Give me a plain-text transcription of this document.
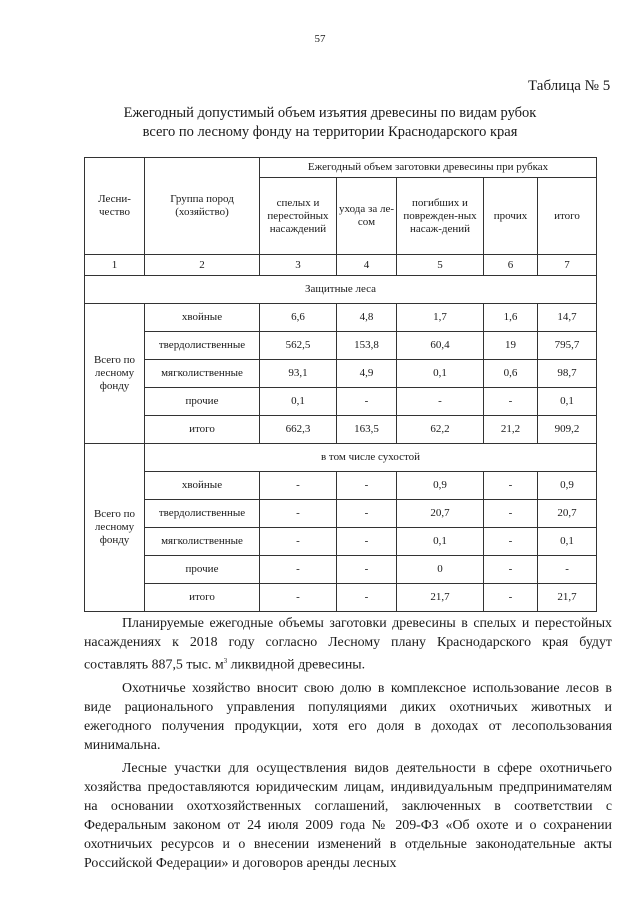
57
Таблица № 5
Ежегодный допустимый объем изъятия древесины по видам рубок
всего по лесному фонду на территории Краснодарского края
Лесни-чество	Группа пород (хозяйство)	Ежегодный объем заготовки древесины при рубках				
		спелых и перестойных насаждений	ухода за ле-сом	погибших и поврежден-ных насаж-дений	прочих	итого
1	2	3	4	5	6	7
Защитные леса						
Всего по лесному фонду	хвойные	6,6	4,8	1,7	1,6	14,7
	твердолиственные	562,5	153,8	60,4	19	795,7
	мягколиственные	93,1	4,9	0,1	0,6	98,7
	прочие	0,1	-	-	-	0,1
	итого	662,3	163,5	62,2	21,2	909,2
Всего по лесному фонду	в том числе сухостой					
	хвойные	-	-	0,9	-	0,9
	твердолиственные	-	-	20,7	-	20,7
	мягколиственные	-	-	0,1	-	0,1
	прочие	-	-	0	-	-
	итого	-	-	21,7	-	21,7

Планируемые ежегодные объемы заготовки древесины в спелых и перестойных насаждениях к 2018 году согласно Лесному плану Краснодарского края будут составлять 887,5 тыс. $м^3$ ликвидной древесины.

Охотничье хозяйство вносит свою долю в комплексное использование лесов в виде рационального управления популяциями диких охотничьих животных и ежегодного получения продукции, хотя его доля в доходах от лесопользования минимальна.

Лесные участки для осуществления видов деятельности в сфере охотничьего хозяйства предоставляются юридическим лицам, индивидуальным предпринимателям на основании охотхозяйственных соглашений, заключенных в соответствии с Федеральным законом от 24 июля 2009 года № 209-ФЗ «Об охоте и о сохранении охотничьих ресурсов и о внесении изменений в отдельные законодательные акты Российской Федерации» и договоров аренды лесных
